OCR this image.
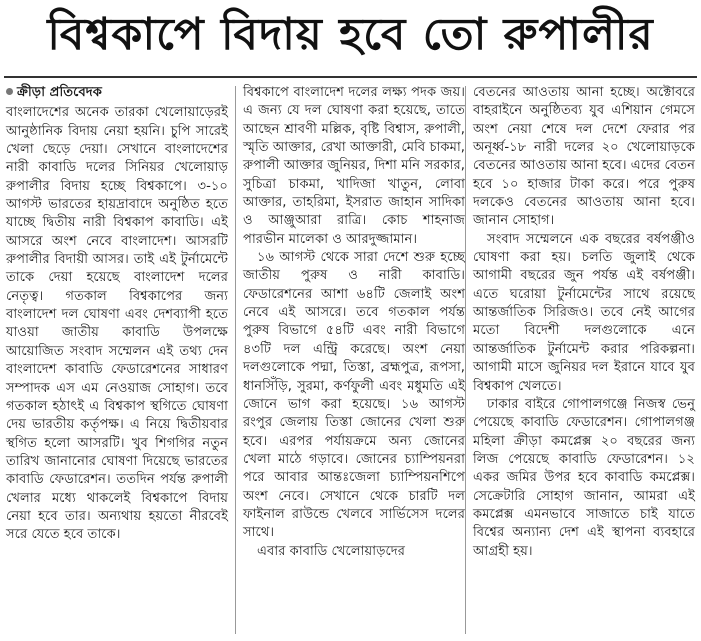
বিশ্বকাপে বিদায় হবে তো রুপালীর
ক্রীড়া প্রতিবেদক

বাংলাদেশের অনেক তারকা খেলোয়াড়েরই আনুষ্ঠানিক বিদায় নেয়া হয়নি। চুপি সারেই খেলা ছেড়ে দেয়া। সেখানে বাংলাদেশের নারী কাবাডি দলের সিনিয়র খেলোয়াড় রুপালীর বিদায় হচ্ছে বিশ্বকাপে। ৩-১০ আগস্ট ভারতের হায়দ্রাবাদে অনুষ্ঠিত হতে যাচ্ছে দ্বিতীয় নারী বিশ্বকাপ কাবাডি। এই আসরে অংশ নেবে বাংলাদেশ। আসরটি রুপালীর বিদায়ী আসর। তাই এই টুর্নামেন্টে তাকে দেয়া হয়েছে বাংলাদেশ দলের নেতৃত্ব। গতকাল বিশ্বকাপের জন্য বাংলাদেশ দল ঘোষণা এবং দেশব্যাপী হতে যাওয়া জাতীয় কাবাডি উপলক্ষে আয়োজিত সংবাদ সম্মেলন এই তথ্য দেন বাংলাদেশ কাবাডি ফেডারেশনের সাধারণ সম্পাদক এস এম নেওয়াজ সোহাগ। তবে গতকাল হঠাৎই এ বিশ্বকাপ স্থগিতে ঘোষণা দেয় ভারতীয় কর্তৃপক্ষ। এ নিয়ে দ্বিতীয়বার স্থগিত হলো আসরটি। খুব শিগগির নতুন তারিখ জানানোর ঘোষণা দিয়েছে ভারতের কাবাডি ফেডারেশন। ততদিন পর্যন্ত রুপালী খেলার মধ্যে থাকলেই বিশ্বকাপে বিদায় নেয়া হবে তার। অন্যথায় হয়তো নীরবেই সরে যেতে হবে তাকে।

বিশ্বকাপে বাংলাদেশ দলের লক্ষ্য পদক জয়। এ জন্য যে দল ঘোষণা করা হয়েছে, তাতে আছেন শ্রাবণী মল্লিক, বৃষ্টি বিশ্বাস, রুপালী, স্মৃতি আক্তার, রেখা আক্তারী, মেবি চাকমা, রুপালী আক্তার জুনিয়র, দিশা মনি সরকার, সুচিত্রা চাকমা, খাদিজা খাতুন, লোবা আক্তার, তাহরিমা, ইসরাত জাহান সাদিকা ও আঞ্জুআরা রাত্রি। কোচ শাহনাজ পারভীন মালেকা ও আরদুজ্জামান।

১৬ আগস্ট থেকে সারা দেশে শুরু হচ্ছে জাতীয় পুরুষ ও নারী কাবাডি। ফেডারেশনের আশা ৬৪টি জেলাই অংশ নেবে এই আসরে। তবে গতকাল পর্যন্ত পুরুষ বিভাগে ৫৪টি এবং নারী বিভাগে ৪৩টি দল এন্ট্রি করেছে। অংশ নেয়া দলগুলোকে পদ্মা, তিস্তা, ব্রহ্মপুত্র, রূপসা, ধানসিঁড়ি, সুরমা, কর্ণফুলী এবং মধুমতি এই জোনে ভাগ করা হয়েছে। ১৬ আগস্ট রংপুর জেলায় তিস্তা জোনের খেলা শুরু হবে। এরপর পর্যায়ক্রমে অন্য জোনের খেলা মাঠে গড়াবে। জোনের চ্যাম্পিয়নরা পরে আবার আন্তঃজেলা চ্যাম্পিয়নশিপে অংশ নেবে। সেখানে থেকে চারটি দল ফাইনাল রাউন্ডে খেলবে সার্ভিসেস দলের সাথে।

এবার কাবাডি খেলোয়াড়দের

বেতনের আওতায় আনা হচ্ছে। অক্টোবরে বাহরাইনে অনুষ্ঠিতব্য যুব এশিয়ান গেমসে অংশ নেয়া শেষে দল দেশে ফেরার পর অনূর্ধ্ব-১৮ নারী দলের ২০ খেলোয়াড়কে বেতনের আওতায় আনা হবে। এদের বেতন হবে ১০ হাজার টাকা করে। পরে পুরুষ দলকেও বেতনের আওতায় আনা হবে। জানান সোহাগ।

সংবাদ সম্মেলনে এক বছরের বর্ষপঞ্জীও ঘোষণা করা হয়। চলতি জুলাই থেকে আগামী বছরের জুন পর্যন্ত এই বর্ষপঞ্জী। এতে ঘরোয়া টুর্নামেন্টের সাথে রয়েছে আন্তর্জাতিক সিরিজও। তবে নেই আগের মতো বিদেশী দলগুলোকে এনে আন্তর্জাতিক টুর্নামেন্ট করার পরিকল্পনা। আগামী মাসে জুনিয়র দল ইরানে যাবে যুব বিশ্বকাপ খেলতে।

ঢাকার বাইরে গোপালগঞ্জে নিজস্ব ভেনু পেয়েছে কাবাডি ফেডারেশন। গোপালগঞ্জ মহিলা ক্রীড়া কমপ্লেক্স ২০ বছরের জন্য লিজ পেয়েছে কাবাডি ফেডারেশন। ১২ একর জমির উপর হবে কাবাডি কমপ্লেক্স। সেক্রেটারি সোহাগ জানান, আমরা এই কমপ্লেক্স এমনভাবে সাজাতে চাই যাতে বিশ্বের অন্যান্য দেশ এই স্থাপনা ব্যবহারে আগ্রহী হয়।
